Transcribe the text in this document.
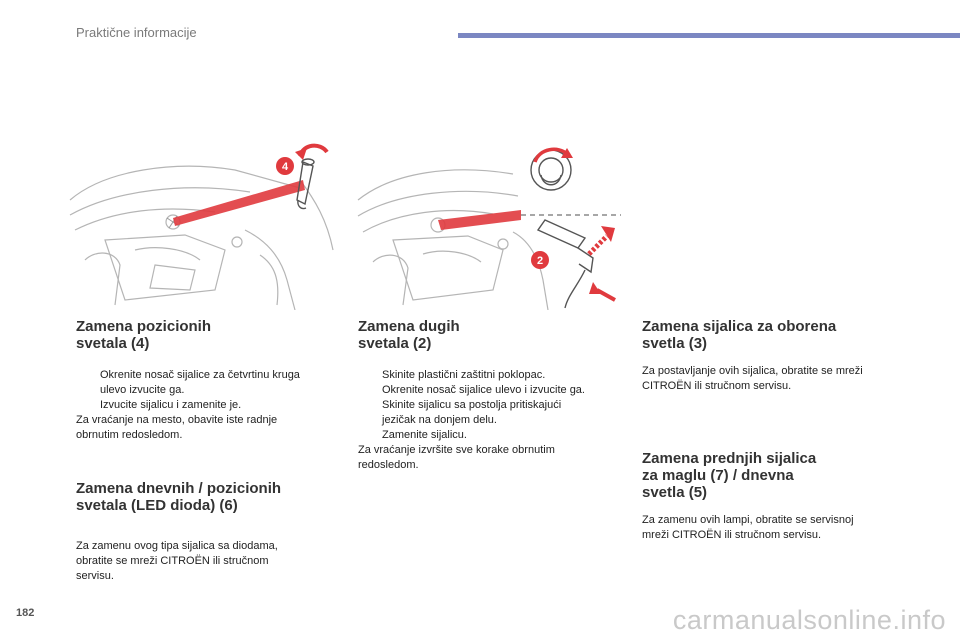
Praktične informacije
4
2
Zamena pozicionih
svetala (4)
Okrenite nosač sijalice za četvrtinu kruga
ulevo izvucite ga.
Izvucite sijalicu i zamenite je.
Za vraćanje na mesto, obavite iste radnje
obrnutim redosledom.
Zamena dnevnih / pozicionih
svetala (LED dioda) (6)
Za zamenu ovog tipa sijalica sa diodama,
obratite se mreži CITROËN ili stručnom
servisu.
Zamena dugih
svetala (2)
Skinite plastični zaštitni poklopac.
Okrenite nosač sijalice ulevo i izvucite ga.
Skinite sijalicu sa postolja pritiskajući
jezičak na donjem delu.
Zamenite sijalicu.
Za vraćanje izvršite sve korake obrnutim
redosledom.
Zamena sijalica za oborena
svetla (3)
Za postavljanje ovih sijalica, obratite se mreži
CITROËN ili stručnom servisu.
Zamena prednjih sijalica
za maglu (7) / dnevna
svetla (5)
Za zamenu ovih lampi, obratite se servisnoj
mreži CITROËN ili stručnom servisu.
182	carmanualsonline.info
